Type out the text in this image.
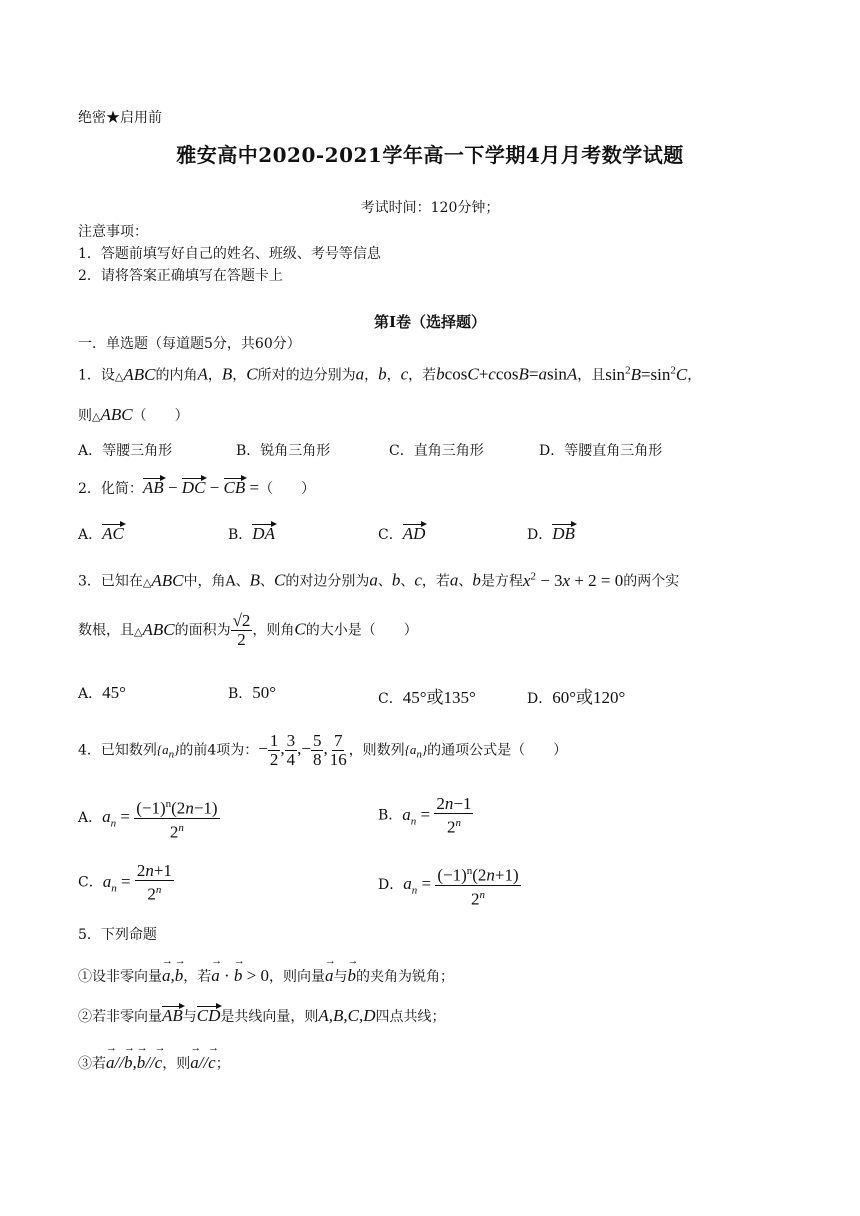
绝密★启用前
雅安高中2020-2021学年高一下学期4月月考数学试题
考试时间：120分钟；
注意事项：
1．答题前填写好自己的姓名、班级、考号等信息
2．请将答案正确填写在答题卡上
第I卷（选择题）
一．单选题（每道题5分，共60分）
1．设△ABC的内角A，B，C所对的边分别为a，b，c，若bcosC+ccosB=asinA，且$\sin^2B=\sin^2C$，
则△ABC（　　）
A．等腰三角形	B．锐角三角形	C．直角三角形	D．等腰直角三角形
2．化简：AB − DC − CB =（　　）
A．AC	B．DA	C．AD	D．DB
3．已知在△ABC中，角A、B、C的对边分别为a、b、c，若a、b是方程$x^2 - 3x + 2 = 0$的两个实
数根，且△ABC的面积为 $\frac{√2}{2}$ ，则角C的大小是（　　）
A．45°	B．50°	C．45°或135°	D．60°或120°
4．已知数列$\{a_n\}$的前4项为：− $\frac{1}{2}$ , $\frac{3}{4}$ ,− $\frac{5}{8}$ , $\frac{7}{16}$ ，则数列$\{a_n\}$的通项公式是（　　）
A．$a_n = \frac{(-1)^n(2n-1)}{2^n}$	B．$a_n = \frac{2n-1}{2^n}$
C．$a_n = \frac{2n+1}{2^n}$	D．$a_n = \frac{(-1)^n(2n+1)}{2^n}$
5．下列命题
①设非零向量→ a,→ b，若→ a · → b > 0，则向量→ a与→ b的夹角为锐角；
②若非零向量AB与CD是共线向量，则A,B,C,D四点共线；
③若→ a//→ b,→ b//→ c，则→ a//→ c；
